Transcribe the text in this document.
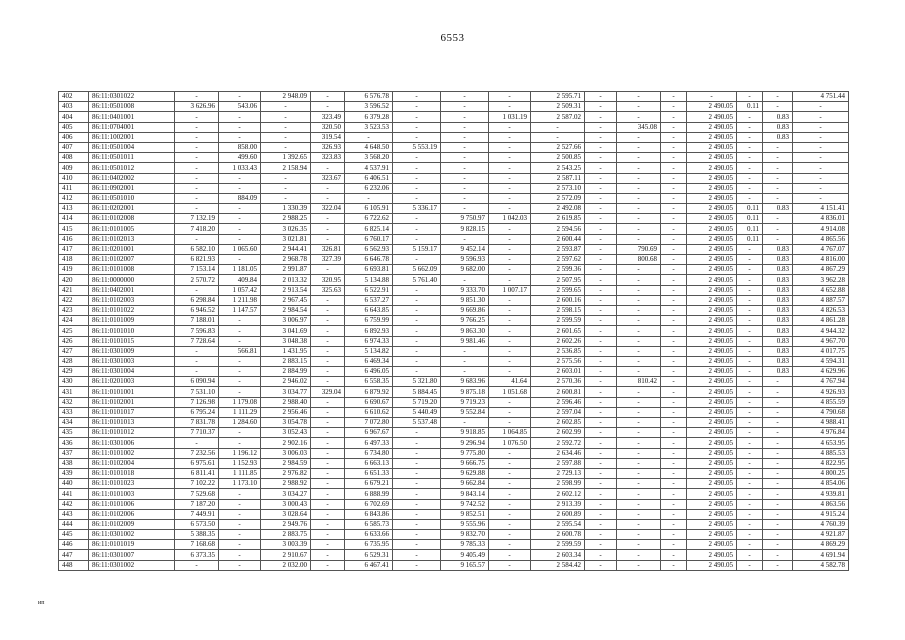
6553
402	86:11:0301022	-	-	2 948.09	-	6 576.78	-	-	-	2 595.71	-	-	-	-	-	-	4 751.44
403	86:11:0501008	3 626.96	543.06	-	-	3 596.52	-	-	-	2 509.31	-	-	-	2 490.05	0.11	-	-
404	86:11:0401001	-	-	-	323.49	6 379.28	-	-	1 031.19	2 587.02	-	-	-	2 490.05	-	0.83	-
405	86:11:0704001	-	-	-	320.50	3 523.53	-	-	-	-	-	345.08	-	2 490.05	-	0.83	-
406	86:11:1002001	-	-	-	319.54	-	-	-	-	-	-	-	-	2 490.05	-	0.83	-
407	86:11:0501004	-	858.00	-	326.93	4 648.50	5 553.19	-	-	2 527.66	-	-	-	2 490.05	-	-	-
408	86:11:0501011	-	499.60	1 392.65	323.83	3 568.20	-	-	-	2 500.85	-	-	-	2 490.05	-	-	-
409	86:11:0501012	-	1 033.43	2 158.94	-	4 537.91	-	-	-	2 543.25	-	-	-	2 490.05	-	-	-
410	86:11:0402002	-	-	-	323.67	6 406.51	-	-	-	2 587.11	-	-	-	2 490.05	-	-	-
411	86:11:0902001	-	-	-	-	6 232.06	-	-	-	2 573.10	-	-	-	2 490.05	-	-	-
412	86:11:0501010	-	884.09	-	-	-	-	-	-	2 572.09	-	-	-	2 490.05	-	-	-
413	86:11:0202001	-	-	1 330.39	322.04	6 105.91	5 336.17	-	-	2 492.08	-	-	-	2 490.05	0.11	0.83	4 151.41
414	86:11:0102008	7 132.19	-	2 988.25	-	6 722.62	-	9 750.97	1 042.03	2 619.85	-	-	-	2 490.05	0.11	-	4 836.01
415	86:11:0101005	7 418.20	-	3 026.35	-	6 825.14	-	9 828.15	-	2 594.56	-	-	-	2 490.05	0.11	-	4 914.08
416	86:11:0102013	-	-	3 021.81	-	6 760.17	-	-	-	2 600.44	-	-	-	2 490.05	0.11	-	4 865.56
417	86:11:0201001	6 582.10	1 065.60	2 944.41	326.81	6 562.93	5 159.17	9 452.14	-	2 593.87	-	790.69	-	2 490.05	-	0.83	4 767.07
418	86:11:0102007	6 821.93	-	2 968.78	327.39	6 646.78	-	9 596.93	-	2 597.62	-	800.68	-	2 490.05	-	0.83	4 816.00
419	86:11:0101008	7 153.14	1 181.05	2 991.87	-	6 693.81	5 662.09	9 682.00	-	2 599.36	-	-	-	2 490.05	-	0.83	4 867.29
420	86:11:0000000	2 570.72	409.84	2 013.32	320.95	5 134.88	5 761.40	-	-	2 507.95	-	-	-	2 490.05	-	0.83	3 962.28
421	86:11:0402001	-	1 057.42	2 913.54	325.63	6 522.91	-	9 333.70	1 007.17	2 599.65	-	-	-	2 490.05	-	0.83	4 652.88
422	86:11:0102003	6 298.84	1 211.98	2 967.45	-	6 537.27	-	9 851.30	-	2 600.16	-	-	-	2 490.05	-	0.83	4 887.57
423	86:11:0101022	6 946.52	1 147.57	2 984.54	-	6 643.85	-	9 669.86	-	2 598.15	-	-	-	2 490.05	-	0.83	4 826.53
424	86:11:0101009	7 188.01	-	3 006.97	-	6 759.99	-	9 766.25	-	2 599.59	-	-	-	2 490.05	-	0.83	4 861.28
425	86:11:0101010	7 596.83	-	3 041.69	-	6 892.93	-	9 863.30	-	2 601.65	-	-	-	2 490.05	-	0.83	4 944.32
426	86:11:0101015	7 728.64	-	3 048.38	-	6 974.33	-	9 981.46	-	2 602.26	-	-	-	2 490.05	-	0.83	4 967.70
427	86:11:0301009	-	566.81	1 431.95	-	5 134.82	-	-	-	2 536.85	-	-	-	2 490.05	-	0.83	4 017.75
428	86:11:0301003	-	-	2 883.15	-	6 469.34	-	-	-	2 575.56	-	-	-	2 490.05	-	0.83	4 594.31
429	86:11:0301004	-	-	2 884.99	-	6 496.05	-	-	-	2 603.01	-	-	-	2 490.05	-	0.83	4 629.96
430	86:11:0201003	6 090.94	-	2 946.02	-	6 558.35	5 321.80	9 683.96	41.64	2 570.36	-	810.42	-	2 490.05	-	-	4 767.94
431	86:11:0101001	7 531.10	-	3 034.77	329.04	6 879.92	5 884.45	9 875.18	1 051.68	2 600.81	-	-	-	2 490.05	-	-	4 926.93
432	86:11:0102001	7 126.98	1 179.08	2 988.40	-	6 690.67	5 719.20	9 719.23	-	2 596.46	-	-	-	2 490.05	-	-	4 855.59
433	86:11:0101017	6 795.24	1 111.29	2 956.46	-	6 610.62	5 440.49	9 552.84	-	2 597.04	-	-	-	2 490.05	-	-	4 790.68
434	86:11:0101013	7 831.78	1 284.60	3 054.78	-	7 072.80	5 537.48	-	-	2 602.85	-	-	-	2 490.05	-	-	4 988.41
435	86:11:0101012	7 710.37	-	3 052.43	-	6 967.67	-	9 918.85	1 064.85	2 602.99	-	-	-	2 490.05	-	-	4 976.84
436	86:11:0301006	-	-	2 902.16	-	6 497.33	-	9 296.94	1 076.50	2 592.72	-	-	-	2 490.05	-	-	4 653.95
437	86:11:0101002	7 232.56	1 196.12	3 006.03	-	6 734.80	-	9 775.80	-	2 634.46	-	-	-	2 490.05	-	-	4 885.53
438	86:11:0102004	6 975.61	1 152.93	2 984.59	-	6 663.13	-	9 666.75	-	2 597.88	-	-	-	2 490.05	-	-	4 822.95
439	86:11:0101018	6 811.41	1 111.85	2 976.82	-	6 651.33	-	9 629.88	-	2 729.13	-	-	-	2 490.05	-	-	4 800.25
440	86:11:0101023	7 102.22	1 173.10	2 988.92	-	6 679.21	-	9 662.84	-	2 598.99	-	-	-	2 490.05	-	-	4 854.06
441	86:11:0101003	7 529.68	-	3 034.27	-	6 888.99	-	9 843.14	-	2 602.12	-	-	-	2 490.05	-	-	4 939.81
442	86:11:0101006	7 187.20	-	3 000.43	-	6 702.69	-	9 742.52	-	2 913.39	-	-	-	2 490.05	-	-	4 863.56
443	86:11:0102006	7 449.91	-	3 028.64	-	6 843.86	-	9 852.51	-	2 600.89	-	-	-	2 490.05	-	-	4 915.24
444	86:11:0102009	6 573.50	-	2 949.76	-	6 585.73	-	9 555.96	-	2 595.54	-	-	-	2 490.05	-	-	4 760.39
445	86:11:0301002	5 388.35	-	2 883.75	-	6 633.66	-	9 832.70	-	2 600.78	-	-	-	2 490.05	-	-	4 921.87
446	86:11:0101019	7 168.68	-	3 003.39	-	6 735.95	-	9 785.33	-	2 599.59	-	-	-	2 490.05	-	-	4 869.29
447	86:11:0301007	6 373.35	-	2 910.67	-	6 529.31	-	9 405.49	-	2 603.34	-	-	-	2 490.05	-	-	4 691.94
448	86:11:0301002	-	-	2 032.00	-	6 467.41	-	9 165.57	-	2 584.42	-	-	-	2 490.05	-	-	4 582.78
ип
